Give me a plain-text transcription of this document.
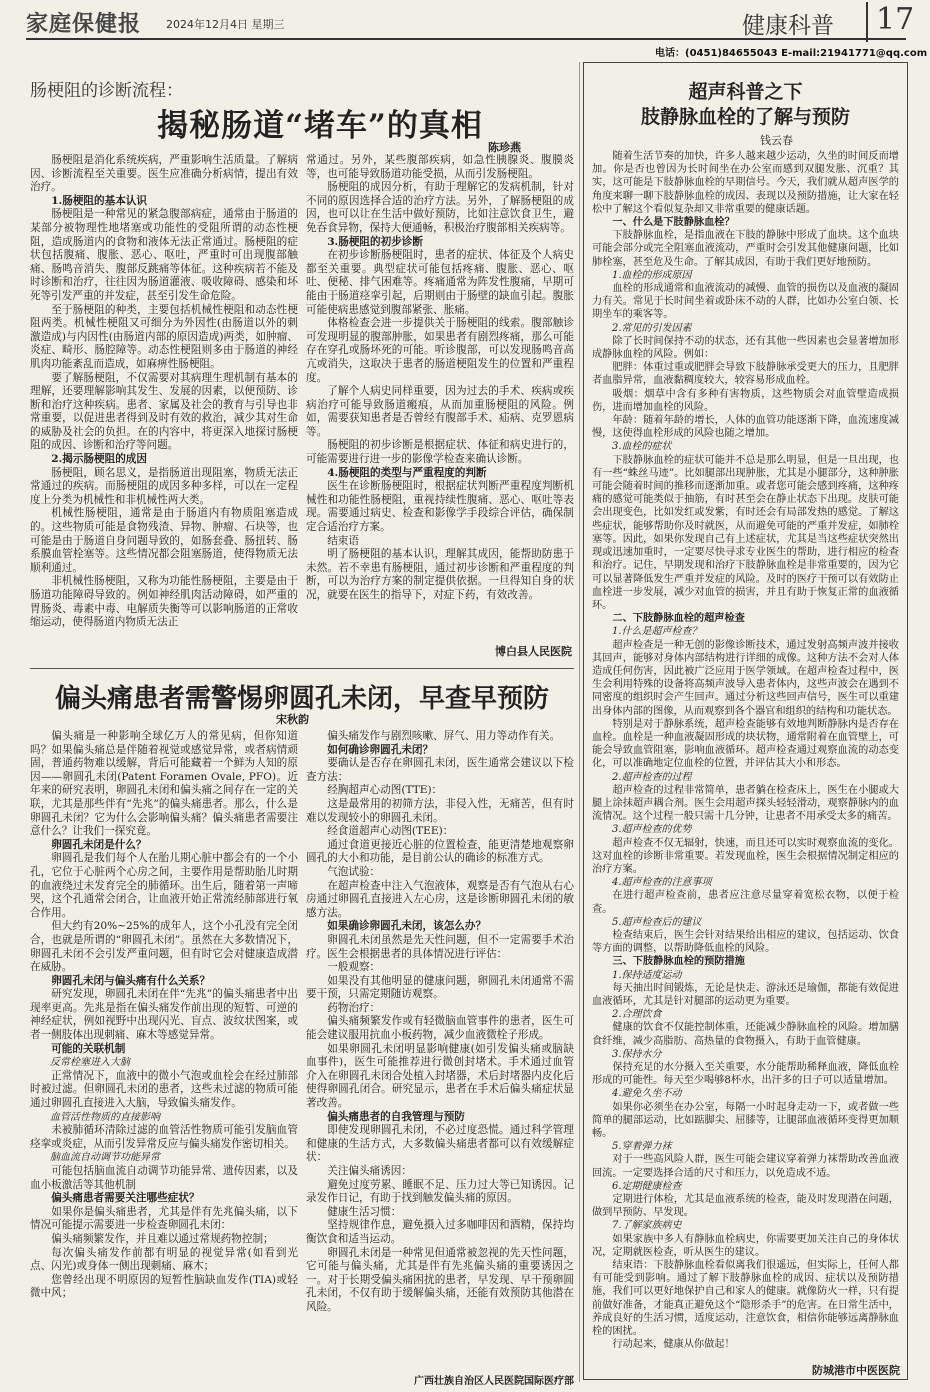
家庭保健报 2024年12月4日 星期三	健康科普	17
电话：(0451)84655043 E-mail:21941771@qq.com
肠梗阻的诊断流程：
揭秘肠道“堵车”的真相
陈珍燕

肠梗阻是消化系统疾病，严重影响生活质量。了解病因、诊断流程至关重要。医生应准确分析病情，提出有效治疗。

1.肠梗阻的基本认识

肠梗阻是一种常见的紧急腹部病症，通常由于肠道的某部分被物理性地堵塞或功能性的受阻所谓的动态性梗阻，造成肠道内的食物和液体无法正常通过。肠梗阻的症状包括腹痛、腹胀、恶心、呕吐，严重时可出现腹部触痛、肠鸣音消失、腹部反跳痛等体征。这种疾病若不能及时诊断和治疗，往往因为肠道灌液、吸收障碍、感染和坏死等引发严重的并发症，甚至引发生命危险。

至于肠梗阻的种类，主要包括机械性梗阻和动态性梗阻两类。机械性梗阻又可细分为外因性(由肠道以外的刺激造成)与内因性(由肠道内部的原因造成)两类，如肿瘤、炎症、畸形、肠腔障等。动态性梗阻则多由于肠道的神经肌肉功能紊乱而造成，如麻痹性肠梗阻。

要了解肠梗阻，不仅需要对其病理生理机制有基本的理解，还要理解影响其发生、发展的因素，以便预防、诊断和治疗这种疾病。患者、家属及社会的教育与引导也非常重要，以促进患者得到及时有效的救治，减少其对生命的威胁及社会的负担。在的内容中，将更深入地探讨肠梗阻的成因、诊断和治疗等问题。

2.揭示肠梗阻的成因

肠梗阻，顾名思义，是指肠道出现阻塞，物质无法正常通过的疾病。而肠梗阻的成因多种多样，可以在一定程度上分类为机械性和非机械性两大类。

机械性肠梗阻，通常是由于肠道内有物质阻塞造成的。这些物质可能是食物残渣、异物、肿瘤、石块等，也可能是由于肠道自身问题导致的，如肠套叠、肠扭转、肠系膜血管栓塞等。这些情况都会阻塞肠道，使得物质无法顺利通过。

非机械性肠梗阻，又称为功能性肠梗阻，主要是由于肠道功能障碍导致的。例如神经肌肉活动障碍，如严重的胃肠炎、毒素中毒、电解质失衡等可以影响肠道的正常收缩运动，使得肠道内物质无法正

常通过。另外，某些腹部疾病，如急性胰腺炎、腹膜炎等，也可能导致肠道功能受损，从而引发肠梗阻。

肠梗阻的成因分析，有助于理解它的发病机制，针对不同的原因选择合适的治疗方法。另外，了解肠梗阻的成因，也可以让在生活中做好预防，比如注意饮食卫生，避免吞食异物，保持大便通畅，积极治疗腹部相关疾病等。

3.肠梗阻的初步诊断

在初步诊断肠梗阻时，患者的症状、体征及个人病史都至关重要。典型症状可能包括疼痛、腹胀、恶心、呕吐、便秘、排气困难等。疼痛通常为阵发性腹痛，早期可能由于肠道痉挛引起，后期则由于肠壁的缺血引起。腹胀可能使病患感觉到腹部紧张、胀痛。

体格检查会进一步提供关于肠梗阻的线索。腹部触诊可发现明显的腹部肿胀，如果患者有剧烈疼痛，那么可能存在穿孔或肠坏死的可能。听诊腹部，可以发现肠鸣音高亢或消失，这取决于患者的肠道梗阻发生的位置和严重程度。

了解个人病史同样重要，因为过去的手术、疾病或疾病治疗可能导致肠道瘢痕，从而加重肠梗阻的风险。例如，需要获知患者是否曾经有腹部手术、疝病、克罗恩病等。

肠梗阻的初步诊断是根据症状、体征和病史进行的，可能需要进行进一步的影像学检查来确认诊断。

4.肠梗阻的类型与严重程度的判断

医生在诊断肠梗阻时，根据症状判断严重程度判断机械性和功能性肠梗阻，重视持续性腹痛、恶心、呕吐等表现。需要通过病史、检查和影像学手段综合评估，确保制定合适治疗方案。

结束语

明了肠梗阻的基本认识，理解其成因，能帮助防患于未然。若不幸患有肠梗阻，通过初步诊断和严重程度的判断，可以为治疗方案的制定提供依据。一旦得知自身的状况，就要在医生的指导下，对症下药，有效改善。

博白县人民医院
偏头痛患者需警惕卵圆孔未闭，早查早预防
宋秋韵

偏头痛是一种影响全球亿万人的常见病，但你知道吗？如果偏头痛总是伴随着视觉或感觉异常，或者病情顽固，普通药物难以缓解，背后可能藏着一个鲜为人知的原因——卵圆孔未闭(Patent Foramen Ovale, PFO)。近年来的研究表明，卵圆孔未闭和偏头痛之间存在一定的关联，尤其是那些伴有“先兆”的偏头痛患者。那么，什么是卵圆孔未闭？它为什么会影响偏头痛？偏头痛患者需要注意什么？让我们一探究竟。

卵圆孔未闭是什么？

卵圆孔是我们每个人在胎儿期心脏中都会有的一个小孔，它位于心脏两个心房之间，主要作用是帮助胎儿时期的血液绕过未发育完全的肺循环。出生后，随着第一声啼哭，这个孔通常会闭合，让血液开始正常流经肺部进行氧合作用。

但大约有20%~25%的成年人，这个小孔没有完全闭合，也就是所谓的“卵圆孔未闭”。虽然在大多数情况下，卵圆孔未闭不会引发严重问题，但有时它会对健康造成潜在威胁。

卵圆孔未闭与偏头痛有什么关系？

研究发现，卵圆孔未闭在伴“先兆”的偏头痛患者中出现率更高。先兆是指在偏头痛发作前出现的短暂、可逆的神经症状，例如视野中出现闪光、盲点、波纹状图案，或者一侧肢体出现刺痛、麻木等感觉异常。

可能的关联机制

反常栓塞进入大脑

正常情况下，血液中的微小气泡或血栓会在经过肺部时被过滤。但卵圆孔未闭的患者，这些未过滤的物质可能通过卵圆孔直接进入大脑，导致偏头痛发作。

血管活性物质的直接影响

未被肺循环清除过滤的血管活性物质可能引发脑血管痉挛或炎症，从而引发异常反应与偏头痛发作密切相关。

脑血流自动调节功能异常

可能包括脑血流自动调节功能异常、遗传因素，以及血小板激活等其他机制

偏头痛患者需要关注哪些症状？

如果你是偏头痛患者，尤其是伴有先兆偏头痛，以下情况可能提示需要进一步检查卵圆孔未闭：

偏头痛频繁发作，并且难以通过常规药物控制；

每次偏头痛发作前都有明显的视觉异常(如看到光点、闪光)或身体一侧出现刺痛、麻木；

您曾经出现不明原因的短暂性脑缺血发作(TIA)或轻微中风；

偏头痛发作与剧烈咳嗽、屏气、用力等动作有关。

如何确诊卵圆孔未闭？

要确认是否存在卵圆孔未闭，医生通常会建议以下检查方法：

经胸超声心动图(TTE)：

这是最常用的初筛方法，非侵入性，无痛苦，但有时难以发现较小的卵圆孔未闭。

经食道超声心动图(TEE)：

通过食道更接近心脏的位置检查，能更清楚地观察卵圆孔的大小和功能，是目前公认的确诊的标准方式。

气泡试验：

在超声检查中注入气泡液体，观察是否有气泡从右心房通过卵圆孔直接进入左心房，这是诊断卵圆孔未闭的敏感方法。

如果确诊卵圆孔未闭，该怎么办？

卵圆孔未闭虽然是先天性问题，但不一定需要手术治疗。医生会根据患者的具体情况进行评估：

一般观察：

如果没有其他明显的健康问题，卵圆孔未闭通常不需要干预，只需定期随访观察。

药物治疗：

偏头痛频繁发作或有轻微脑血管事件的患者，医生可能会建议服用抗血小板药物，减少血液微栓子形成。

如果卵圆孔未闭明显影响健康(如引发偏头痛或脑缺血事件)，医生可能推荐进行微创封堵术。手术通过血管介入在卵圆孔未闭合处植入封堵器，术后封堵器内皮化后使得卵圆孔闭合。研究显示，患者在手术后偏头痛症状显著改善。

偏头痛患者的自我管理与预防

即使发现卵圆孔未闭，不必过度恐慌。通过科学管理和健康的生活方式，大多数偏头痛患者都可以有效缓解症状：

关注偏头痛诱因：

避免过度劳累、睡眠不足、压力过大等已知诱因。记录发作日记，有助于找到触发偏头痛的原因。

健康生活习惯：

坚持规律作息，避免摄入过多咖啡因和酒精，保持均衡饮食和适当运动。

卵圆孔未闭是一种常见但通常被忽视的先天性问题，它可能与偏头痛，尤其是伴有先兆偏头痛的重要诱因之一。对于长期受偏头痛困扰的患者，早发现、早干预卵圆孔未闭，不仅有助于缓解偏头痛，还能有效预防其他潜在风险。

广西壮族自治区人民医院国际医疗部
超声科普之下
肢静脉血栓的了解与预防
钱云春

随着生活节奏的加快，许多人越来越少运动，久坐的时间反而增加。你是否也曾因为长时间坐在办公室而感到双腿发胀、沉重？其实，这可能是下肢静脉血栓的早期信号。今天，我们就从超声医学的角度来聊一聊下肢静脉血栓的成因、表现以及预防措施，让大家在轻松中了解这个看似复杂却又非常重要的健康话题。

一、什么是下肢静脉血栓？

下肢静脉血栓，是指血液在下肢的静脉中形成了血块。这个血块可能会部分或完全阻塞血液流动，严重时会引发其他健康问题，比如肺栓塞，甚至危及生命。了解其成因，有助于我们更好地预防。

1.血栓的形成原因

血栓的形成通常和血液流动的减慢、血管的损伤以及血液的凝固力有关。常见于长时间坐着或卧床不动的人群，比如办公室白领、长期坐车的乘客等。

2.常见的引发因素

除了长时间保持不动的状态，还有其他一些因素也会显著增加形成静脉血栓的风险。例如：

肥胖：体重过重或肥胖会导致下肢静脉承受更大的压力，且肥胖者血脂异常，血液黏稠度较大，较容易形成血栓。

吸烟：烟草中含有多种有害物质，这些物质会对血管壁造成损伤，进而增加血栓的风险。

年龄：随着年龄的增长，人体的血管功能逐渐下降，血流速度减慢，这使得血栓形成的风险也随之增加。

3.血栓的症状

下肢静脉血栓的症状可能并不总是那么明显，但是一旦出现，也有一些“蛛丝马迹”。比如腿部出现肿胀，尤其是小腿部分，这种肿胀可能会随着时间的推移而逐渐加重。或者您可能会感到疼痛，这种疼痛的感觉可能类似于抽筋，有时甚至会在静止状态下出现。皮肤可能会出现变色，比如发红或发紫，有时还会有局部发热的感觉。了解这些症状，能够帮助你及时就医，从而避免可能的严重并发症，如肺栓塞等。因此，如果你发现自己有上述症状，尤其是当这些症状突然出现或迅速加重时，一定要尽快寻求专业医生的帮助，进行相应的检查和治疗。记住，早期发现和治疗下肢静脉血栓是非常重要的，因为它可以显著降低发生严重并发症的风险。及时的医疗干预可以有效防止血栓进一步发展，减少对血管的损害，并且有助于恢复正常的血液循环。

二、下肢静脉血栓的超声检查

1.什么是超声检查？

超声检查是一种无创的影像诊断技术，通过发射高频声波并接收其回声，能够对身体内部结构进行详细的成像。这种方法不会对人体造成任何伤害，因此被广泛应用于医学领域。在超声检查过程中，医生会利用特殊的设备将高频声波导入患者体内，这些声波会在遇到不同密度的组织时会产生回声。通过分析这些回声信号，医生可以重建出身体内部的图像，从而观察到各个器官和组织的结构和功能状态。

特别是对于静脉系统，超声检查能够有效地判断静脉内是否存在血栓。血栓是一种血液凝固形成的块状物，通常附着在血管壁上，可能会导致血管阻塞，影响血液循环。超声检查通过观察血流的动态变化，可以准确地定位血栓的位置，并评估其大小和形态。

2.超声检查的过程

超声检查的过程非常简单，患者躺在检查床上，医生在小腿或大腿上涂抹超声耦合剂。医生会用超声探头轻轻滑动，观察静脉内的血流情况。这个过程一般只需十几分钟，让患者不用承受太多的痛苦。

3.超声检查的优势

超声检查不仅无辐射，快速，而且还可以实时观察血流的变化。这对血栓的诊断非常重要。若发现血栓，医生会根据情况制定相应的治疗方案。

4.超声检查的注意事项

在进行超声检查前，患者应注意尽量穿着宽松衣物，以便于检查。

5.超声检查后的建议

检查结束后，医生会针对结果给出相应的建议，包括运动、饮食等方面的调整，以帮助降低血栓的风险。

三、下肢静脉血栓的预防措施

1.保持适度运动

每天抽出时间锻炼，无论是快走、游泳还是瑜伽，都能有效促进血液循环，尤其是针对腿部的运动更为重要。

2.合理饮食

健康的饮食不仅能控制体重，还能减少静脉血栓的风险。增加膳食纤维，减少高脂肪、高热量的食物摄入，有助于血管健康。

3.保持水分

保持充足的水分摄入至关重要，水分能帮助稀释血液，降低血栓形成的可能性。每天至少喝够8杯水，出汗多的日子可以适量增加。

4.避免久坐不动

如果你必须坐在办公室，每隔一小时起身走动一下，或者做一些简单的腿部运动，比如踮脚尖、屈膝等，让腿部血液循环变得更加顺畅。

5.穿着弹力袜

对于一些高风险人群，医生可能会建议穿着弹力袜帮助改善血液回流。一定要选择合适的尺寸和压力，以免造成不适。

6.定期健康检查

定期进行体检，尤其是血液系统的检查，能及时发现潜在问题，做到早预防、早发现。

7.了解家族病史

如果家族中多人有静脉血栓病史，你需要更加关注自己的身体状况，定期就医检查，听从医生的建议。

结束语：下肢静脉血栓看似离我们很遥远，但实际上，任何人都有可能受到影响。通过了解下肢静脉血栓的成因、症状以及预防措施，我们可以更好地保护自己和家人的健康。就像防火一样，只有提前做好准备，才能真正避免这个“隐形杀手”的危害。在日常生活中，养成良好的生活习惯，适度运动，注意饮食，相信你能够远离静脉血栓的困扰。

行动起来，健康从你做起！

防城港市中医医院
